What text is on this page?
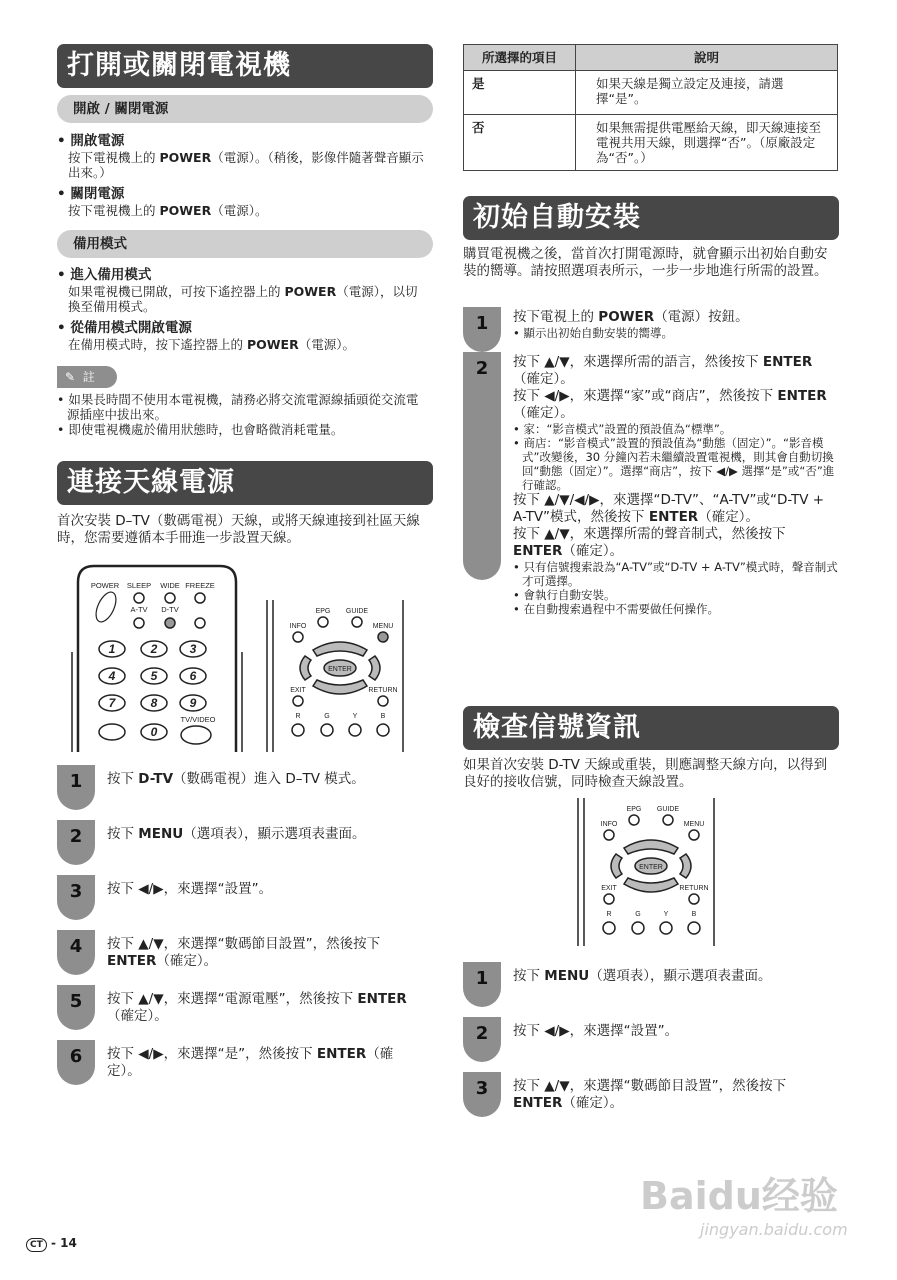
打開或關閉電視機
開啟 / 關閉電源
• 開啟電源
按下電視機上的 POWER（電源）。（稍後，影像伴隨著聲音顯示出來。）
• 關閉電源
按下電視機上的 POWER（電源）。
備用模式
• 進入備用模式
如果電視機已開啟，可按下遙控器上的 POWER（電源），以切換至備用模式。
• 從備用模式開啟電源
在備用模式時，按下遙控器上的 POWER（電源）。
✎ 註
• 如果長時間不使用本電視機，請務必將交流電源線插頭從交流電源插座中拔出來。
• 即使電視機處於備用狀態時，也會略微消耗電量。
連接天線電源
首次安裝 D–TV（數碼電視）天線，或將天線連接到社區天線時，您需要遵循本手冊進一步設置天線。
POWER SLEEP WIDE FREEZE
A-TV D-TV
TV/VIDEO
1	2	3
4	5	6
7	8	9
0
EPG GUIDE
INFO	MENU
EXIT	RETURN
R	G	Y	B
ENTER
1	按下 D-TV（數碼電視）進入 D–TV 模式。
2	按下 MENU（選項表），顯示選項表畫面。
3	按下 ◀/▶，來選擇“設置”。
4	按下 ▲/▼，來選擇“數碼節目設置”，然後按下 ENTER（確定）。
5	按下 ▲/▼，來選擇“電源電壓”，然後按下 ENTER（確定）。
6	按下 ◀/▶，來選擇“是”，然後按下 ENTER（確定）。
所選擇的項目	說明
是	如果天線是獨立設定及連接，請選擇“是”。
否	如果無需提供電壓給天線，即天線連接至電視共用天線，則選擇“否”。（原廠設定為“否”。）
初始自動安裝
購買電視機之後，當首次打開電源時，就會顯示出初始自動安裝的嚮導。請按照選項表所示，一步一步地進行所需的設置。
1	按下電視上的 POWER（電源）按鈕。
• 顯示出初始自動安裝的嚮導。
2	按下 ▲/▼，來選擇所需的語言，然後按下 ENTER（確定）。
按下 ◀/▶，來選擇“家”或“商店”，然後按下 ENTER（確定）。
• 家：“影音模式”設置的預設值為“標準”。
• 商店：“影音模式”設置的預設值為“動態（固定）”。“影音模式”改變後，30 分鐘內若未繼續設置電視機，則其會自動切換回“動態（固定）”。選擇“商店”，按下 ◀/▶ 選擇“是”或“否”進行確認。
按下 ▲/▼/◀/▶，來選擇“D-TV”、“A-TV”或“D-TV + A-TV”模式，然後按下 ENTER（確定）。
按下 ▲/▼，來選擇所需的聲音制式，然後按下 ENTER（確定）。
• 只有信號搜索設為“A-TV”或“D-TV + A-TV”模式時，聲音制式才可選擇。
• 會執行自動安裝。
• 在自動搜索過程中不需要做任何操作。
檢查信號資訊
如果首次安裝 D-TV 天線或重裝，則應調整天線方向，以得到良好的接收信號，同時檢查天線設置。
EPG GUIDE
INFO	MENU
EXIT	RETURN
R	G	Y	B
ENTER
1	按下 MENU（選項表），顯示選項表畫面。
2	按下 ◀/▶，來選擇“設置”。
3	按下 ▲/▼，來選擇“數碼節目設置”，然後按下 ENTER（確定）。
CT - 14
Baidu经验
jingyan.baidu.com
